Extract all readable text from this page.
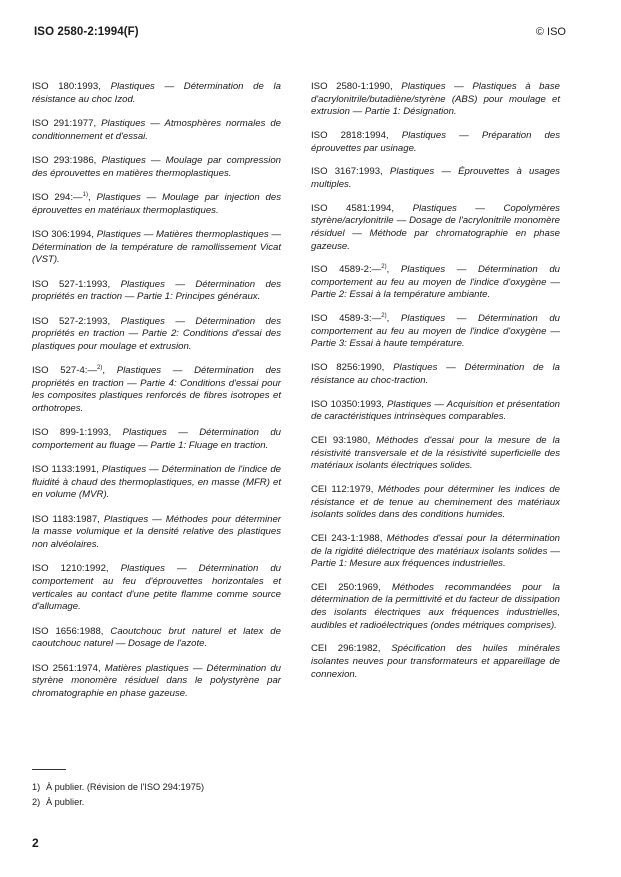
ISO 2580-2:1994(F)	© ISO

ISO 180:1993, Plastiques — Détermination de la résistance au choc Izod.

ISO 291:1977, Plastiques — Atmosphères normales de conditionnement et d'essai.

ISO 293:1986, Plastiques — Moulage par compression des éprouvettes en matières thermoplastiques.

ISO 294:—$^{1)}$, Plastiques — Moulage par injection des éprouvettes en matériaux thermoplastiques.

ISO 306:1994, Plastiques — Matières thermoplastiques — Détermination de la température de ramollissement Vicat (VST).

ISO 527-1:1993, Plastiques — Détermination des propriétés en traction — Partie 1: Principes généraux.

ISO 527-2:1993, Plastiques — Détermination des propriétés en traction — Partie 2: Conditions d'essai des plastiques pour moulage et extrusion.

ISO 527-4:—$^{2)}$, Plastiques — Détermination des propriétés en traction — Partie 4: Conditions d'essai pour les composites plastiques renforcés de fibres isotropes et orthotropes.

ISO 899-1:1993, Plastiques — Détermination du comportement au fluage — Partie 1: Fluage en traction.

ISO 1133:1991, Plastiques — Détermination de l'indice de fluidité à chaud des thermoplastiques, en masse (MFR) et en volume (MVR).

ISO 1183:1987, Plastiques — Méthodes pour déterminer la masse volumique et la densité relative des plastiques non alvéolaires.

ISO 1210:1992, Plastiques — Détermination du comportement au feu d'éprouvettes horizontales et verticales au contact d'une petite flamme comme source d'allumage.

ISO 1656:1988, Caoutchouc brut naturel et latex de caoutchouc naturel — Dosage de l'azote.

ISO 2561:1974, Matières plastiques — Détermination du styrène monomère résiduel dans le polystyrène par chromatographie en phase gazeuse.

ISO 2580-1:1990, Plastiques — Plastiques à base d'acrylonitrile/butadiène/styrène (ABS) pour moulage et extrusion — Partie 1: Désignation.

ISO 2818:1994, Plastiques — Préparation des éprouvettes par usinage.

ISO 3167:1993, Plastiques — Éprouvettes à usages multiples.

ISO 4581:1994, Plastiques — Copolymères styrène/acrylonitrile — Dosage de l'acrylonitrile monomère résiduel — Méthode par chromatographie en phase gazeuse.

ISO 4589-2:—$^{2)}$, Plastiques — Détermination du comportement au feu au moyen de l'indice d'oxygène — Partie 2: Essai à la température ambiante.

ISO 4589-3:—$^{2)}$, Plastiques — Détermination du comportement au feu au moyen de l'indice d'oxygène — Partie 3: Essai à haute température.

ISO 8256:1990, Plastiques — Détermination de la résistance au choc-traction.

ISO 10350:1993, Plastiques — Acquisition et présentation de caractéristiques intrinsèques comparables.

CEI 93:1980, Méthodes d'essai pour la mesure de la résistivité transversale et de la résistivité superficielle des matériaux isolants électriques solides.

CEI 112:1979, Méthodes pour déterminer les indices de résistance et de tenue au cheminement des matériaux isolants solides dans des conditions humides.

CEI 243-1:1988, Méthodes d'essai pour la détermination de la rigidité diélectrique des matériaux isolants solides — Partie 1: Mesure aux fréquences industrielles.

CEI 250:1969, Méthodes recommandées pour la détermination de la permittivité et du facteur de dissipation des isolants électriques aux fréquences industrielles, audibles et radioélectriques (ondes métriques comprises).

CEI 296:1982, Spécification des huiles minérales isolantes neuves pour transformateurs et appareillage de connexion.

1) À publier. (Révision de l'ISO 294:1975)
2) À publier.
2
